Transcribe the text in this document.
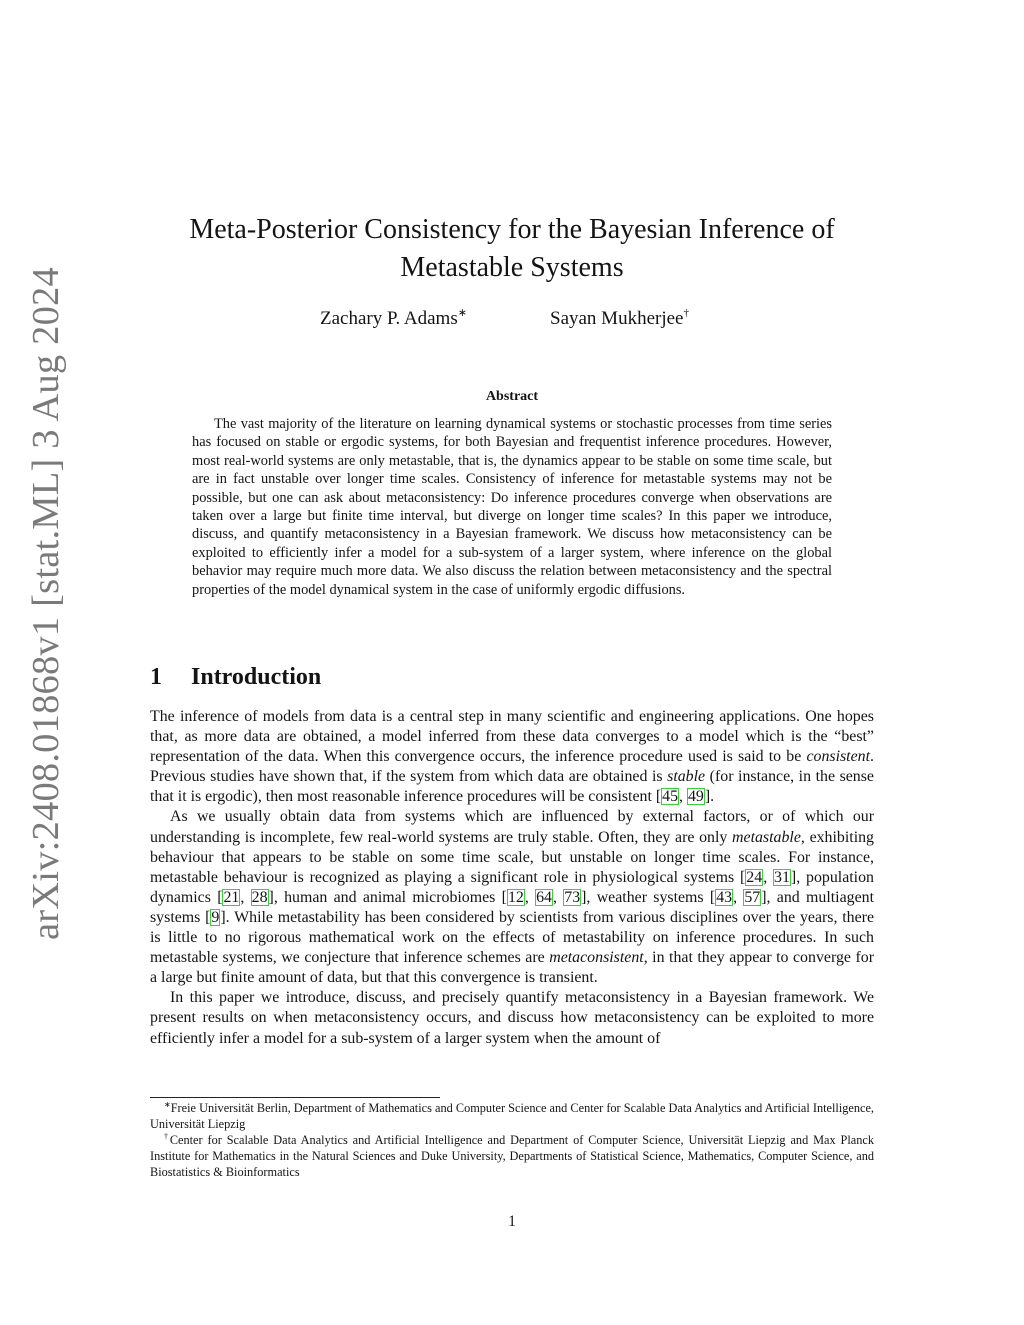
arXiv:2408.01868v1 [stat.ML] 3 Aug 2024
Meta-Posterior Consistency for the Bayesian Inference of
Metastable Systems
Zachary P. Adams∗	Sayan Mukherjee†
Abstract

The vast majority of the literature on learning dynamical systems or stochastic processes from time series has focused on stable or ergodic systems, for both Bayesian and frequentist inference procedures. However, most real-world systems are only metastable, that is, the dynamics appear to be stable on some time scale, but are in fact unstable over longer time scales. Consistency of inference for metastable systems may not be possible, but one can ask about metaconsistency: Do inference procedures converge when observations are taken over a large but finite time interval, but diverge on longer time scales? In this paper we introduce, discuss, and quantify metaconsistency in a Bayesian framework. We discuss how metaconsistency can be exploited to efficiently infer a model for a sub-system of a larger system, where inference on the global behavior may require much more data. We also discuss the relation between metaconsistency and the spectral properties of the model dynamical system in the case of uniformly ergodic diffusions.

1 Introduction

The inference of models from data is a central step in many scientific and engineering applications. One hopes that, as more data are obtained, a model inferred from these data converges to a model which is the “best” representation of the data. When this convergence occurs, the inference procedure used is said to be consistent. Previous studies have shown that, if the system from which data are obtained is stable (for instance, in the sense that it is ergodic), then most reasonable inference procedures will be consistent [45, 49].

As we usually obtain data from systems which are influenced by external factors, or of which our understanding is incomplete, few real-world systems are truly stable. Often, they are only metastable, exhibiting behaviour that appears to be stable on some time scale, but unstable on longer time scales. For instance, metastable behaviour is recognized as playing a significant role in physiological systems [24, 31], population dynamics [21, 28], human and animal microbiomes [12, 64, 73], weather systems [43, 57], and multiagent systems [9]. While metastability has been considered by scientists from various disciplines over the years, there is little to no rigorous mathematical work on the effects of metastability on inference procedures. In such metastable systems, we conjecture that inference schemes are metaconsistent, in that they appear to converge for a large but finite amount of data, but that this convergence is transient.

In this paper we introduce, discuss, and precisely quantify metaconsistency in a Bayesian framework. We present results on when metaconsistency occurs, and discuss how metaconsistency can be exploited to more efficiently infer a model for a sub-system of a larger system when the amount of

∗Freie Universität Berlin, Department of Mathematics and Computer Science and Center for Scalable Data Analytics and Artificial Intelligence, Universität Liepzig

†Center for Scalable Data Analytics and Artificial Intelligence and Department of Computer Science, Universität Liepzig and Max Planck Institute for Mathematics in the Natural Sciences and Duke University, Departments of Statistical Science, Mathematics, Computer Science, and Biostatistics & Bioinformatics

1
